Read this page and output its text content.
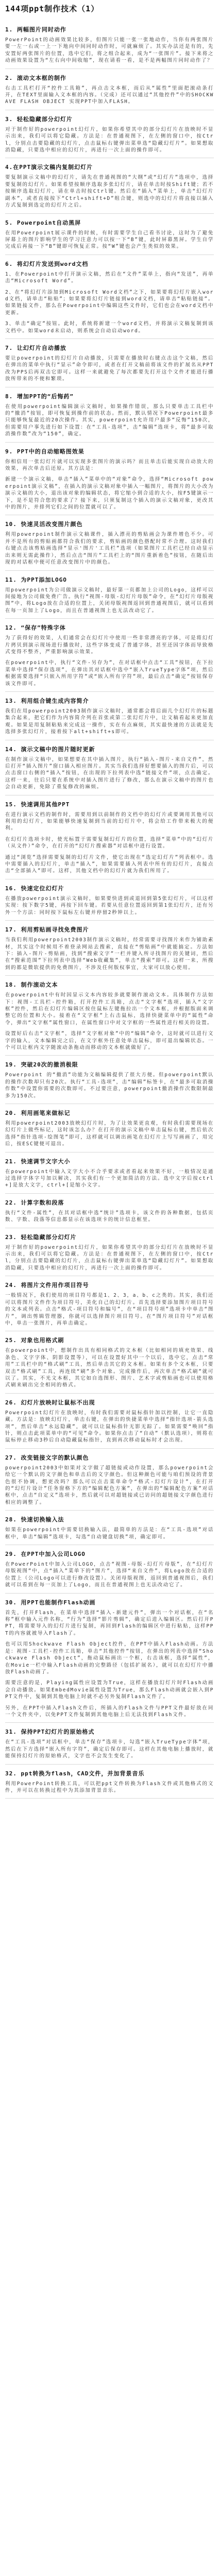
144项ppt制作技术（1）
1. 两幅图片同时动作
PowerPoint的动画效果比较多，但图片只能一张一张地动作，当你有两张图片要一左一右或一上一下地向中间同时动作时，可就麻烦了。其实办法还是有的，先安置好两张图片的位置，选中它们，将之组合起来，成为“一张图片”。接下来将之动画效果设置为“左右向中间收缩”，现在请看一看，是不是两幅图片同时动作了？
2. 滚动文本框的制作
右击工具栏打开“控件工具箱”，再点击文本框，而后从“属性”里面把滚动条打开，在TEXT里面输入文本框的内容。（完成）还可以通过“其他控件”中的SHOCKWAVE FLASH OBJECT 实现PPT中加入FLASH。
3. 轻松隐藏部分幻灯片
对于制作好的powerpoint幻灯片，如果你希望其中的部分幻灯片在放映时不显示出来，我们可以将它隐藏。方法是：在普通视图下，在左侧的窗口中，按Ctrl，分别点击要隐藏的幻灯片，点击鼠标右键弹出菜单选“隐藏幻灯片”。如果想取消隐藏，只要选中相应的幻灯片，再进行一次上面的操作即可。
4.在PPT演示文稿内复制幻灯片
要复制演示文稿中的幻灯片，请先在普通视图的“大纲”或“幻灯片”选项中，选择要复制的幻灯片。如果希望按顺序选取多张幻灯片，请在单击时按Shift键；若不按顺序选取幻灯片，请在单击时按Ctrl键。然后在“插入”菜单上，单击“幻灯片副本”，或者直接按下“Ctrl+shift+D”组合键，则选中的幻灯片将直接以插入方式复制到选定的幻灯片之后。
5. Powerpoint自动黑屏
在用Powerpoint展示课件的时候，有时需要学生自己看书讨论，这时为了避免屏幕上的图片影响学生的学习注意力可以按一下“B”键，此时屏幕黑屏。学生自学完成后再接一下“B”键即可恢复正常。按“W”键也会产生类似的效果。
6. 将幻灯片发送到word文档
1、在Powerpoint中打开演示文稿，然后在“文件”菜单上，指向“发送”，再单击“Microsoft Word”。
2、在“将幻灯片添加到Microsoft Word文档”之下，如果要将幻灯片嵌入word文档，请单击“粘贴”；如果要将幻灯片链接到word文档，请单击“粘贴链接”。如果链接文件，那么在Powerpoint中编辑这些文件时，它们也会在word文档中更新。
3、单击“确定”按钮。此时，系统将新建一个word文档，并将演示文稿复制到该文档中。如果word未启动，则系统会自动启动word。
7. 让幻灯片自动播放
要让powerpoint的幻灯片自动播放，只需要在播放时右键点击这个文稿，然后在弹出的菜单中执行“显示”命令即可，或者在打开文稿前将该文件的扩展名从PPT改为PPS后再双击它即可。这样一来就避免了每次都要先打开这个文件才能进行播放所带来的不便和繁琐。
8. 增加PPT的“后悔药”
在使用powerpoint编辑演示文稿时，如果操作错误，那么只要单击工具栏中的“撤消”按钮，即可恢复到操作前的状态。然而，默认情况下Powerpoint最多只能够恢复最近的20次操作。其实，powerpoint允许用户最多“反悔”150次，但需要用户事先进行如下设置：在“工具-选项”，击“编辑”选项卡，将“最多可取消操作数”改为“150”，确定。
9. PPT中的自动缩略图效果
你相信用一张幻灯片就可以实现多张图片的演示吗？而且单击后能实现自动放大的效果，再次单击后还原。其方法是：
新建一个演示文稿，单击“插入”菜单中的“对象”命令，选择“Microsoft powerpoint演示文稿”，在插入的演示文稿对象中插入一幅图片，将图片的大小改为演示文稿的大小，退出该对象的编辑状态，将它缩小到合适的大小，按F5键演示一下，是不是符合您的要求了？接下来，只须复制这个插入的演示文稿对象，更改其中的图片，并排列它们之间的位置就可以了。
10. 快速灵活改变图片颜色
利用powerpoint制作演示文稿课件，插入漂亮的剪贴画会为课件增色不少。可并不是所有的剪贴画都符合我们的要求，剪贴画的颜色搭配时常不合理。这时我们右键点击该剪贴画选择“显示'图片'工具栏”选项（如果图片工具栏已经自动显示出来则无需此操作），然后点击“图片”工具栏上的“图片重新着色”按钮，在随后出现的对话框中便可任意改变图片中的颜色。
11. 为PPT添加LOGO
用powerpoint为公司做演示文稿时，最好第一页都加上公司的Logo，这样可以间接地为公司做免费广告。执行“视图-母版-幻灯片母版”命令，在“幻灯片母版视图”中，将Logo放在合适的位置上，关闭母版视图返回到普通视图后，就可以看到在每一页加上了Logo，而且在普通视图上也无法改动它了。
12. “保存”特殊字体
为了获得好的效果，人们通常会在幻灯片中使用一些非常漂亮的字体，可是将幻灯片拷贝到演示现场进行播放时，这些字体变成了普通字体，甚至还因字体而导致格式变得不整齐，严重影响演示效果。
在powerpoint中，执行“文件-另存为”，在对话框中点击“工具”按钮，在下拉菜单中选择“保存选项”，在弹出其对话框中选中“嵌入TrueType字体”项，然后根据需要选择“只嵌入所用字符”或“嵌入所有字符”项，最后点击“确定”按钮保存该文件即可。
13. 利用组合键生成内容简介
我们在用powerpoint2003制作演示文稿时，通常都会将后面几个幻灯片的标题集合起来，把它们作为内容简介列在首张或第二张幻灯片中，让文稿看起来更加直观。如果是用复制粘贴来完成这一操作，实在有点麻烦，其实最快速的方法就是先选择多张幻灯片，接着按下alt+shift+s即可。
14. 演示文稿中的图片随时更新
在制作演示文稿中，如果想要在其中插入图片，执行“插入-图片-来自文件”，然后打开“插入图片”窗口插入相应图片。其实当我们选择好想要插入的图片后，可以点击窗口右侧的“插入”按钮，在出现的下拉列表中选“链接文件”项，点击确定。这样一来，往后只要在系统中对插入图片进行了修改，那么在演示文稿中的图片也会自动更新，免除了重复修改的麻烦。
15. 快速调用其他PPT
在进行演示文档的制作时，需要用到以前制作的文档中的幻灯片或要调用其他可以利用的幻灯片，如果能够快速复制到当前的幻灯片中，将会给工作带来极大的便利。
在幻灯片选项卡时，使光标置于需要复制幻灯片的位置，选择“菜单”中的“幻灯片（从文件）”命令，在打开的“幻灯片搜索器”对话框中进行设置。
通过“浏览”选择需要复制的幻灯片文件，使它出现在“选定幻灯片”列表框中。选中需要插入的幻灯片，单击“插入”，如果需要插入列表中所有的幻灯片，直接点击“全部插入”即可。这样，其他文档中的幻灯片就为我们所用了。
16. 快速定位幻灯片
在播放powerpoint演示文稿时，如果要快进到或退回到第5张幻灯片，可以这样实现：按下数字5键，再按下回车键。若要从任意位置返回到第1张幻灯片，还有另外一个方法：同时按下鼠标左右键并停留2秒钟以上。
17. 利用剪贴画寻找免费图片
当我们利用powerpoint2003制作演示文稿时，经常需要寻找图片来作为铺助素材，其实这个时候用不着登录网站去搜索，直接在“剪贴画”中就能搞定。方法如下：插入-图片-剪贴画，找到“搜索文字”一栏并键入所寻找图片的关键词，然后在“搜索范围”下拉列表中选择“Web收藏集”，单击“搜索”即可。这样一来，所搜到的都是微软提供的免费图片，不涉及任何版权事宜，大家可以放心使用。
18. 制作滚动文本
在powerpoint中有时因显示文本内容较多就要制作滚动文本。具体制作方法如下：视图-工具栏-控件箱，打开控件工具箱，点击“文字框”选项，插入“文字框”控件，然后在幻灯片编辑区按住鼠标左键拖拉出一个文本框，并根据版面来调整它的位置和大小。接着在“文字框”上右击鼠标，选择快捷菜单中的“属性”命令，弹出“文字框”属性窗口，在属性窗口中对文字框的一些属性进行相关的设置。
设置好后右击“文字框”，选择“文字框对象”中的“编辑”命令，这时就可以进行文字的输入，文本编辑完之后，在文字框外任意处单击鼠标，即可退出编辑状态。一个可以让框内文字随滚动条拖动而移动的文本框就做好了。
19. 突破20次的撤消极限
Powerpoint 的“撤消”功能为文稿编辑提供了很大方便。但powerpoint默认的操作次数却只有20次。执行“工具-选项”，击“编辑”标签卡，在“最多可取消操作数”中设置你需要的次数即可。不过要注意，powerpoint撤消操作次数限制最多为150次。
20. 利用画笔来做标记
利用powerpoint2003放映幻灯片时，为了让效果更直观，有时我们需要现场在幻灯片上做些标记，这时该怎么办？在打开的演示文稿中单击鼠标右键，然后依次选择“指针选项-绘图笔”即可，这样就可以调出画笔在幻灯片上写写画画了，用完后，按ESC键便可退出。
21. 快速调节文字大小
在powerpoint中输入文字大小不合乎要求或者看起来效果不好，一般情况是通过选择字体字号加以解决，其实我们有一个更加简洁的方法。选中文字后按ctrl+]是放大文字，ctrl+[是缩小文字。
22. 计算字数和段落
执行“文件-属性”，在其对话框中选“统计”选项卡，该文件的各种数据，包括页数、字数、段落等信息都显示在该选项卡的统计信息框里。
23. 轻松隐藏部分幻灯片
对于制作好的powerpoint幻灯片，如果你希望其中的部分幻灯片在放映时不显示出来，我们可以将它隐藏。方法是：在普通视图下，在左侧的窗口中，按Ctrl，分别点击要隐藏的幻灯片，点击鼠标右键弹出菜单选“隐藏幻灯片”。如果想取消隐藏，只要选中相应的幻灯片，再进行一次上面的操作即可。
24. 将图片文件用作项目符号
一般情况下，我们使用的项目符号都是1、2、3，a、b、c之类的。其实，我们还可以将图片文件作为项目符号，美化自己的幻灯片。首先选择要添加图片项目符号的文本或列表。点击“格式-项目符号和编号”，在“项目符号项”选项卡中单击“图片”，调出剪辑管理器，你就可以选择图片项目符号。在“图片项目符号”对话框中，单击一张图片，再单击确定。
25. 对象也用格式刷
在powerpoint中，想制作出具有相同格式的文本框（比如相同的填充效果、线条色、文字字体、阴影设置等），可以在设置好其中一个以后，选中它，点击“常用”工具栏中的“格式刷”工具，然后单击其它的文本框。如果有多个文本框，只要双击“格式刷”工具，再连续“刷”多个对象。完成操作后，再次单击“格式刷”就可以了。其实，不光文本框，其它如自选图形、图片、艺术字或剪贴画也可以使用格式刷来刷出完全相同的格式。
26. 幻灯片放映时让鼠标不出现
Powerpoint幻灯片在放映时，有时我们需要对鼠标指针加以控制，让它一直隐藏。方法是：放映幻灯片，单击右键，在弹出的快捷菜单中选择“指针选项-箭头选项”，然后单击“永远隐藏”，就可以让鼠标指针无影无踪了。如果需要“唤回”指针，则点击此项菜单中的“可见”命令。如果你点击了“自动”（默认选项），则将在鼠标停止移动3秒后自动隐藏鼠标指针，直到再次移动鼠标时才会出现。
27. 改变链接文字的默认颜色
powerpoint2003中如果对文字做了超链接或动作设置，那么powerpoint会给它一个默认的文字颜色和单击后的文字颜色。但这种颜色可能与咱们预设的背景色很不协调，想更改吗？那么可以点击菜单命令“格式-幻灯片设计”，在打开的“幻灯片设计”任务窗格下方的“编辑配色方案”，在弹出的“编辑配色方案”对话框中，点击“自定义”选项卡，然后就可以对超链接或已访问的超链接文字颜色进行相应的调整了。
28. 快速切换输入法
如果在powerpoint中需要切换输入法，最简单的方法是：在“工具-选项”对话框中，单击“编辑”选项卡，勾选“自动键盘切换”项，确定即可。
29. 在PPT中加入公司LOGO
在PowerPoint中加入公司LOGO，点击“视图-母版-幻灯片母版”，在“幻灯片母版视图”中，点“插入”菜单下的“图片”，选择“来自文件”，将Logo放在合适的位置上（公司Logo可以进行修改设置）。关闭母版视图，返回到普通视图后，我们就可以看到在每一页加上了Logo，而且在普通视图上也无法改动它了。
30. 用PPT也能制作Flash动画
首先，打开Flash，在菜单中选择“插入-新建元件”，弹出一个对话框，在“名称”框中输入元件名称，“行为”选择“影片剪辑”，确定后进入编辑区。然后打开PPT，将需要导入的幻灯片进行复制，再回到Flash的编辑区中进行粘贴，这样PPT的内容就被导入Flash了。
也可以用Shockwave Flash Object控件，在PPT中插入Flash动画。方法是：视图-工具栏-控件工具箱，单击“其他控件”按钮，在弹出的列表中选择“Shockwave Flash Object”，拖动鼠标画出一个框，右击该框，选择“属性”，在Movie一栏中输入Flash动画的完整路径（包括扩展名），就可以在幻灯片中播放Flash动画了。
需要注意的是，Playing属性应设置为True，这样在播放幻灯片时Flash动画会自动播放。如果EmbedMovie属性设置为True，那么Flash动画就会嵌入到PPT文件中，复制到其他电脑上时就不必另外复制Flash文件了。
另外，在PPT中插入Flash文件后，所插入的Flash文件与PPT文件最好放在同一个文件夹中，以免PPT文件复制到其他电脑上后无法找到Flash文件。
31. 保持PPT幻灯片的原始格式
在“工具-选项”对话框中，单击“保存”选项卡，勾选“嵌入TrueType字体”项，然后在下方选择“嵌入所有字符”，确定后保存即可。这样在其他电脑上播放时，就能保持幻灯片的原始格式，文字也不会发生变化了。
32. ppt转换为flash，CAD文件，并加背景音乐
利用PowerPoint转换工具，可以把ppt文件转换为Flash文件或其他格式的文件，并可以在转换过程中为其添加背景音乐。
